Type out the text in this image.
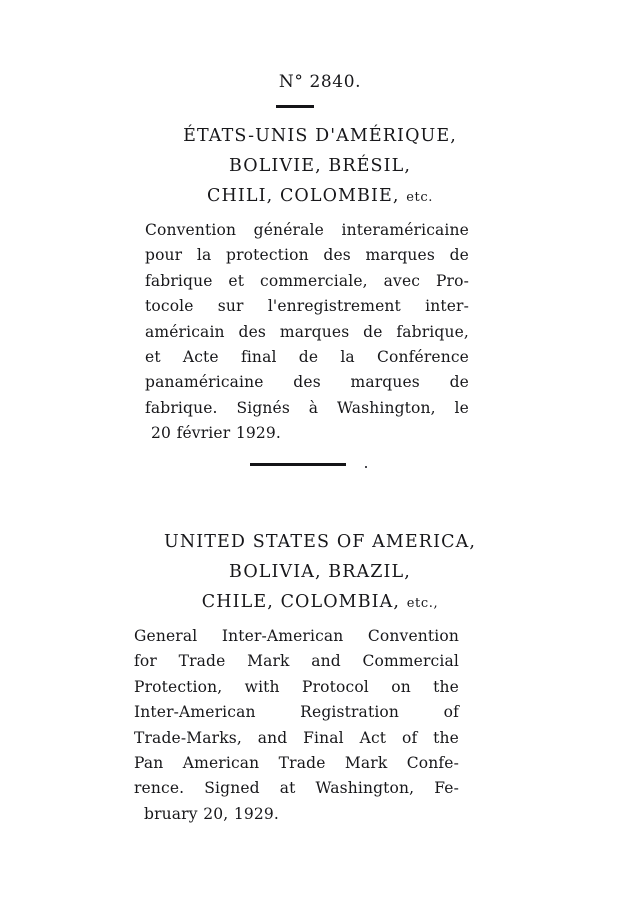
N° 2840.
ÉTATS-UNIS D'AMÉRIQUE,
BOLIVIE, BRÉSIL,
CHILI, COLOMBIE, etc.
Convention générale interaméricaine
pour la protection des marques de
fabrique et commerciale, avec Pro-
tocole sur l'enregistrement inter-
américain des marques de fabrique,
et Acte final de la Conférence
panaméricaine des marques de
fabrique. Signés à Washington, le
20 février 1929.
UNITED STATES OF AMERICA,
BOLIVIA, BRAZIL,
CHILE, COLOMBIA, etc.,
General Inter-American Convention
for Trade Mark and Commercial
Protection, with Protocol on the
Inter-American Registration of
Trade-Marks, and Final Act of the
Pan American Trade Mark Confe-
rence. Signed at Washington, Fe-
bruary 20, 1929.
